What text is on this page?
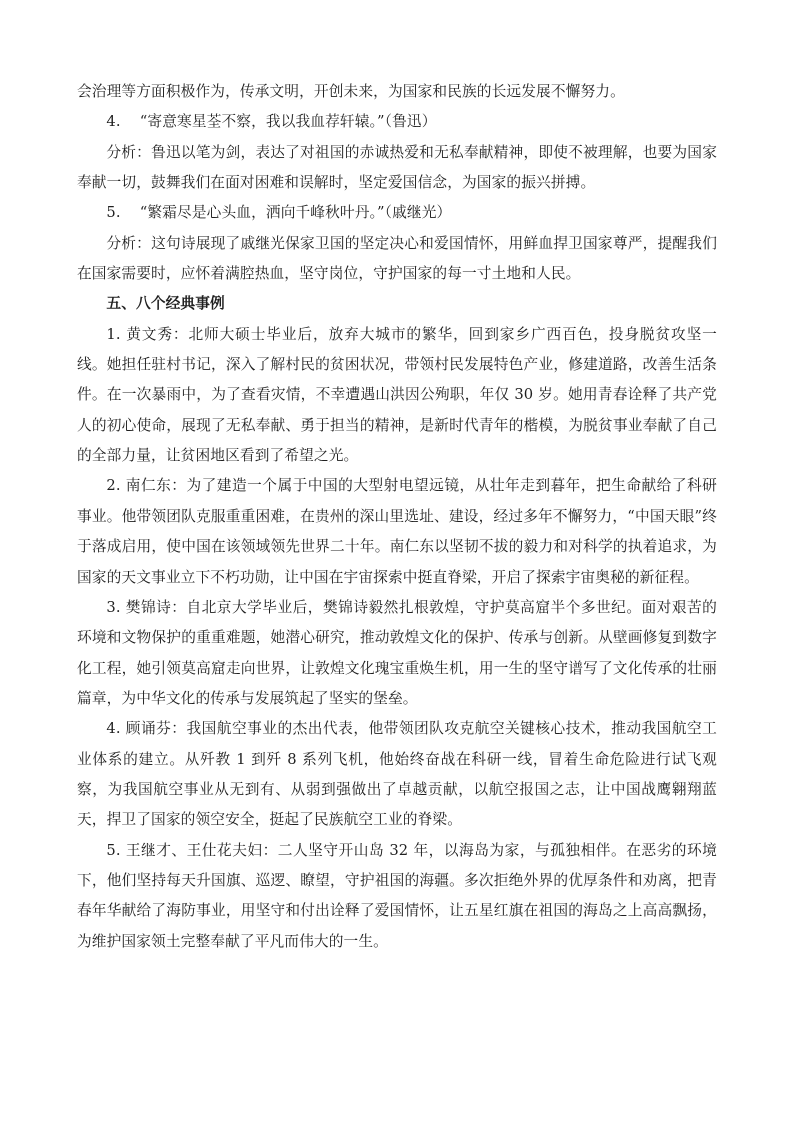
会治理等方面积极作为，传承文明，开创未来，为国家和民族的长远发展不懈努力。

4.    “寄意寒星荃不察，我以我血荐轩辕。”（鲁迅）

分析：鲁迅以笔为剑，表达了对祖国的赤诚热爱和无私奉献精神，即使不被理解，也要为国家奉献一切，鼓舞我们在面对困难和误解时，坚定爱国信念，为国家的振兴拼搏。

5.    “繁霜尽是心头血，洒向千峰秋叶丹。”（戚继光）

分析：这句诗展现了戚继光保家卫国的坚定决心和爱国情怀，用鲜血捍卫国家尊严，提醒我们在国家需要时，应怀着满腔热血，坚守岗位，守护国家的每一寸土地和人民。

五、八个经典事例

1. 黄文秀：北师大硕士毕业后，放弃大城市的繁华，回到家乡广西百色，投身脱贫攻坚一线。她担任驻村书记，深入了解村民的贫困状况，带领村民发展特色产业，修建道路，改善生活条件。在一次暴雨中，为了查看灾情，不幸遭遇山洪因公殉职，年仅 30 岁。她用青春诠释了共产党人的初心使命，展现了无私奉献、勇于担当的精神，是新时代青年的楷模，为脱贫事业奉献了自己的全部力量，让贫困地区看到了希望之光。

2. 南仁东：为了建造一个属于中国的大型射电望远镜，从壮年走到暮年，把生命献给了科研事业。他带领团队克服重重困难，在贵州的深山里选址、建设，经过多年不懈努力，“中国天眼”终于落成启用，使中国在该领域领先世界二十年。南仁东以坚韧不拔的毅力和对科学的执着追求，为国家的天文事业立下不朽功勋，让中国在宇宙探索中挺直脊梁，开启了探索宇宙奥秘的新征程。

3. 樊锦诗：自北京大学毕业后，樊锦诗毅然扎根敦煌，守护莫高窟半个多世纪。面对艰苦的环境和文物保护的重重难题，她潜心研究，推动敦煌文化的保护、传承与创新。从壁画修复到数字化工程，她引领莫高窟走向世界，让敦煌文化瑰宝重焕生机，用一生的坚守谱写了文化传承的壮丽篇章，为中华文化的传承与发展筑起了坚实的堡垒。

4. 顾诵芬：我国航空事业的杰出代表，他带领团队攻克航空关键核心技术，推动我国航空工业体系的建立。从歼教 1 到歼 8 系列飞机，他始终奋战在科研一线，冒着生命危险进行试飞观察，为我国航空事业从无到有、从弱到强做出了卓越贡献，以航空报国之志，让中国战鹰翱翔蓝天，捍卫了国家的领空安全，挺起了民族航空工业的脊梁。

5. 王继才、王仕花夫妇：二人坚守开山岛 32 年，以海岛为家，与孤独相伴。在恶劣的环境下，他们坚持每天升国旗、巡逻、瞭望，守护祖国的海疆。多次拒绝外界的优厚条件和劝离，把青春年华献给了海防事业，用坚守和付出诠释了爱国情怀，让五星红旗在祖国的海岛之上高高飘扬，为维护国家领土完整奉献了平凡而伟大的一生。
